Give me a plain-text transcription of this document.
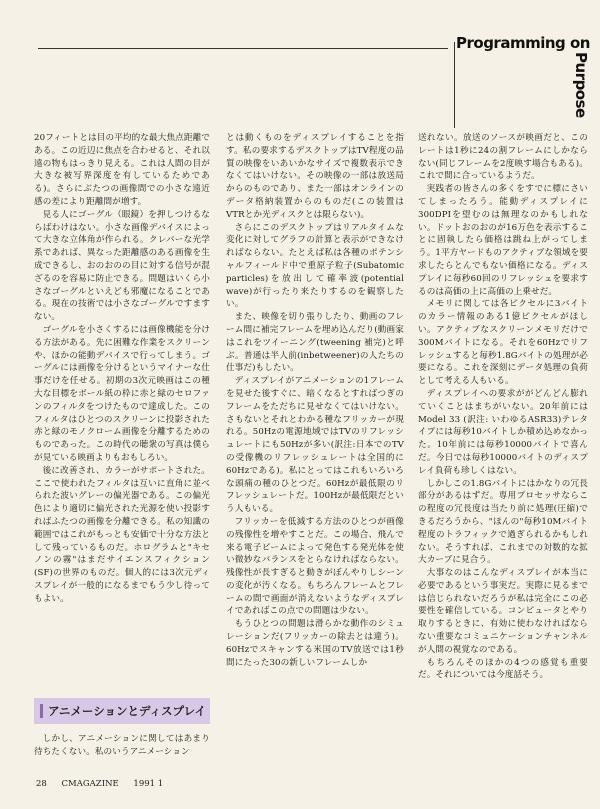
Programming on
Purpose

20フィートとは目の平均的な最大焦点距離である。この近辺に焦点を合わせると、それ以遠の物もはっきり見える。これは人間の目が大きな被写界深度を有しているためである)。さらにぶたつの画像間での小さな遠近感の差により距離間が増す。

見る人にゴーグル（眼鏡）を押しつけるならばわけはない。小さな画像デバイスによって大きな立体角が作られる。クレバーな光学系であれば、異なった距離感のある画像を生成できるし、おのおのの目に対する信号が混ざるのを容易に防止できる。問題はいくら小さなゴーグルといえども邪魔になることである。現在の技術では小さなゴーグルですますない。

ゴーグルを小さくするには画像機能を分ける方法がある。先に困難な作業をスクリーンや、ほかの能動デバイスで行ってしまう。ゴーグルには画像を分けるというマイナーな仕事だけを任せる。初期の3次元映画はこの種大な目標をボール紙の枠に赤と緑のセロファンのフィルタをつけたもので達成した。このフィルタはひとつのスクリーンに投影された赤と緑のモノクローム画像を分離するためのものであった。この時代の聴衆の写真は僕らが見ている映画よりもおもしろい。

後に改善され、カラーがサポートされた。ここで使われたフィルタは互いに直角に並べられた波いグレーの偏光器である。この偏光色により適切に偏光された光源を使い投影すればふたつの画像を分離できる。私の知識の範囲ではこれがもっとも安価で十分な方法として残っているものだ。ホログラムと"キセノンの霧"はまだサイエンスフィクション(SF)の世界のものだ。個人的には3次元ディスプレイが一般的になるまでもう少し待ってもよい。

アニメーションとディスプレイ

しかし、アニメーションに関してはあまり待ちたくない。私のいうアニメーション

とは動くものをディスプレイすることを指す。私の要求するデスクトップはTV程度の品質の映像をいあいかなサイズで複数表示できなくてはいけない。その映像の一部は放送局からのものであり、また一部はオンラインのデータ格納装置からのものだ(この装置はVTRとか光ディスクとは限らない)。

さらにこのデスクトップはリアルタイムな変化に対してグラフの計算と表示ができなければならない。たとえば私は各種のポテンシャルフィールド中で重原子粒子(Subatomic particles)を放出して確率波(potential wave)が行ったり来たりするのを観察したい。

また、映像を切り張りしたり、動画のフレーム間に補完フレームを埋め込んだり(動画家はこれをツイーニング(tweening 補完)と呼ぶ。普通は半人前(inbetweener)の人たちの仕事だ)もしたい。

ディスプレイがアニメーションの1フレームを見せた後すぐに、暗くなるとすればつぎのフレームをただちに見せなくてはいけない。さもないとそれとわかる種なフリッカーが現れる。50Hzの電源地域ではTVのリフレッシュレートにも50Hzが多い(訳注:日本でのTVの受像機のリフレッシュレートは全国的に60Hzである)。私にとってはこれもいろいろな頭痛の種のひとつだ。60Hzが最低限のリフレッシュレートだ。100Hzが最低限だという人もいる。

フリッカーを低減する方法のひとつが画像の残像性を増やすことだ。この場合、飛んで来る電子ビームによって発色する発光体を使い微妙なバランスをとらなければならない。残像性が長すぎると動きがぼんやりしシーンの変化が汚くなる。もちろんフレームとフレームの間で画面が消えないようなディスプレイであればこの点での問題は少ない。

もうひとつの問題は滑らかな動作のシミュレーションだ(フリッカーの除去とは違う)。60Hzでスキャンする米国のTV放送では1秒間にたった30の新しいフレームしか

送れない。放送のソースが映画だと、このレートは1秒に24の割フレームにしかならない(同じフレームを2度映す場合もある)。これで間に合っているようだ。

実践者の皆さんの多くをすでに標にさいてしまったろう。能動ディスプレイに300DPIを望むのは無理なのかもしれない。ドットおのおのが16万色を表示することに固執したら価格は跳ね上がってしまう。1平方ヤードものアクティブな領域を要求したらとんでもない価格になる。ディスプレイに毎秒60回のリフレッシュを要求するのは高価の上に高価の上乗せだ。

メモリに関しては各ピクセルに3バイトのカラー情報のある1億ピクセルがほしい。アクティブなスクリーンメモリだけで300Mバイトになる。それを60Hzでリフレッシュすると毎秒1.8Gバイトの処理が必要になる。これを深刻にデータ処理の負荷として考える人もいる。

ディスプレイへの要求ががどんどん膨れていくことはまちがいない。20年前にはModel 33 (訳注: いわゆるASR33)テレタイプには毎秒10バイトしか積め込めなかった。10年前には毎秒10000バイトで喜んだ。今日では毎秒10000バイトのディスプレイ負荷も珍しくはない。

しかしこの1.8Gバイトにはかなりの冗長部分があるはずだ。専用プロセッサならこの程度の冗長度は当たり前に処理(圧縮)できるだろうから、"ほんの"毎秒10Mバイト程度のトラフィックで過ぎられるかもしれない。そうすれば、これまでの対数的な拡大カーブに見合う。

大事なのはこんなディスプレイが本当に必要であるという事実だ。実際に見るまでは信じられないだろうが私は完全にこの必要性を確信している。コンピュータとやり取りするときに、有効に使わなければならない重要なコミュニケーションチャンネルが人間の視覚なのである。

もちろんそのほかの4つの感覚も重要だ。それについては今度話そう。

28 CMAGAZINE 1991 1
